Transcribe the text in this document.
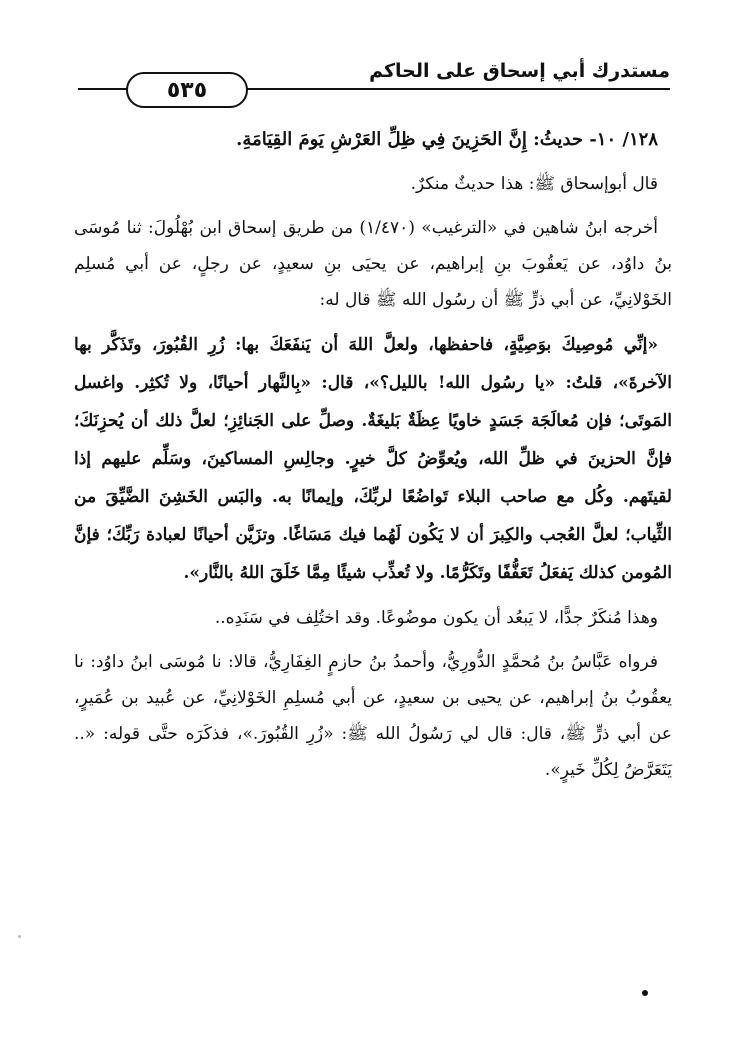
مستدرك أبي إسحاق على الحاكم
٥٣٥

١٢٨/ ١٠- حديثُ: إِنَّ الحَزِينَ فِي ظِلِّ العَرْشِ يَومَ القِيَامَةِ.

قال أبوإسحاق ﷺ: هذا حديثٌ منكرٌ.

أخرجه ابنُ شاهين في «الترغيب» (١/٤٧٠) من طريق إسحاق ابن بُهْلُولَ: ثنا مُوسَى بنُ داوُد، عن يَعقُوبَ بنِ إبراهيم، عن يحيَى بنِ سعيدٍ، عن رجلٍ، عن أبي مُسلِم الخَوْلانِيِّ، عن أبي ذرٍّ ﷺ أن رسُول الله ﷺ قال له:

«إنِّي مُوصِيكَ بوَصِيَّةٍ، فاحفظها، ولعلَّ اللهَ أن يَنفَعَكَ بها: زُرِ القُبُورَ، وتَذَكَّر بها الآخرةَ»، قلتُ: «يا رسُول الله! بالليل؟»، قال: «بِالنَّهار أحيانًا، ولا تُكثِر. واغسل المَوتَى؛ فإن مُعالَجَة جَسَدٍ خاويًا عِظَةٌ بَليغَةٌ. وصلِّ على الجَنائِزِ؛ لعلَّ ذلك أن يُحزِنَكَ؛ فإنَّ الحزينَ في ظلِّ الله، ويُعوِّضُ كلَّ خيرٍ. وجالِسِ المساكينَ، وسَلِّم عليهم إذا لقيتَهم. وكُل مع صاحب البلاء تَواضُعًا لربِّكَ، وإيمانًا به. والبَس الخَشِنَ الضَّيِّقَ من الثِّياب؛ لعلَّ العُجب والكِبرَ أن لا يَكُون لَهُما فيك مَسَاغًا. وتزَيَّن أحيانًا لعبادة رَبِّكَ؛ فإنَّ المُومن كذلك يَفعَلُ تَعَفُّفًا وتَكَرُّمًا. ولا تُعذِّب شيئًا مِمَّا خَلَقَ اللهُ بالنَّار».

وهذا مُنكَرٌ جدًّا، لا يَبعُد أن يكون موضُوعًا. وقد اختُلِف في سَنَدِه..

فرواه عَبَّاسُ بنُ مُحمَّدٍ الدُّورِيُّ، وأحمدُ بنُ حازمٍ الغِفَارِيُّ، قالا: نا مُوسَى ابنُ داوُد: نا يعقُوبُ بنُ إبراهيم، عن يحيى بن سعيدٍ، عن أبي مُسلِمِ الخَوْلانِيِّ، عن عُبيد بن عُمَيرٍ، عن أبي ذرٍّ ﷺ، قال: قال لي رَسُولُ الله ﷺ: «زُرِ القُبُورَ.»، فذكَرَه حتَّى قوله: «.. يَتَعَرَّضُ لِكُلِّ خَيرٍ».
